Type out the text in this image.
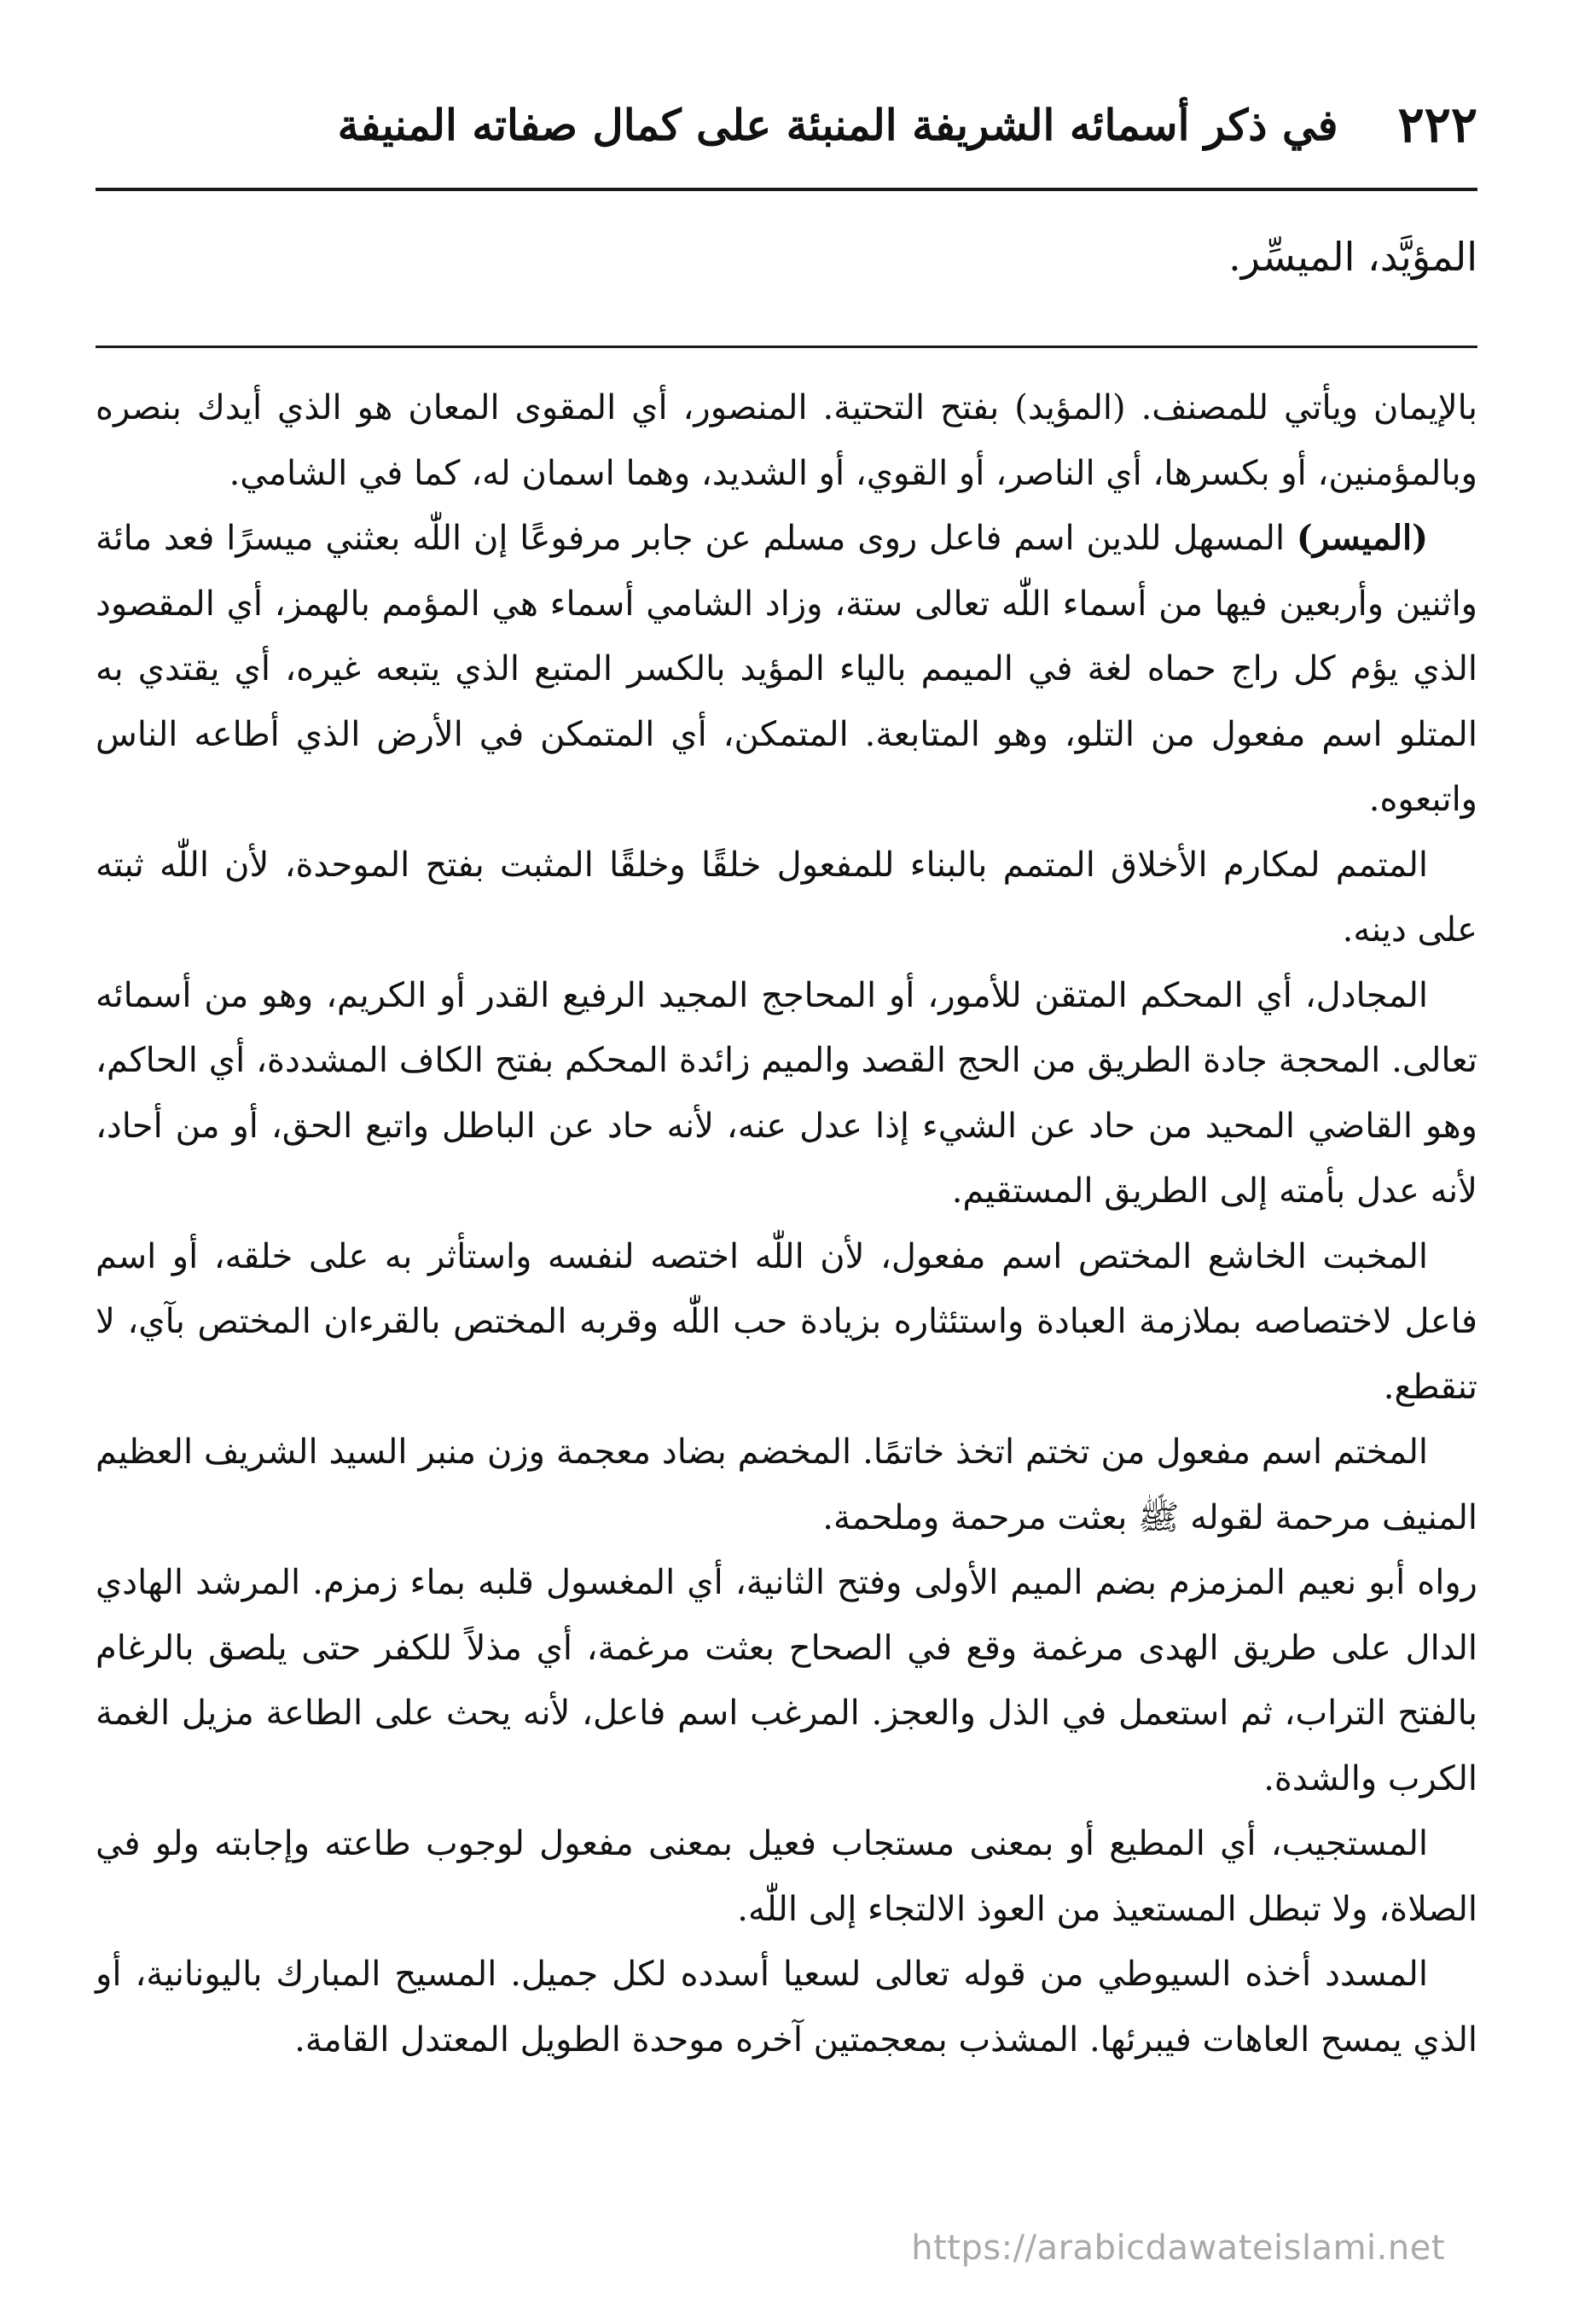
٢٢٢
في ذكر أسمائه الشريفة المنبئة على كمال صفاته المنيفة
المؤيَّد، الميسِّر.

بالإيمان ويأتي للمصنف. (المؤيد) بفتح التحتية. المنصور، أي المقوى المعان هو الذي أيدك بنصره وبالمؤمنين، أو بكسرها، أي الناصر، أو القوي، أو الشديد، وهما اسمان له، كما في الشامي.

(الميسر) المسهل للدين اسم فاعل روى مسلم عن جابر مرفوعًا إن اللّٰه بعثني ميسرًا فعد مائة واثنين وأربعين فيها من أسماء اللّٰه تعالى ستة، وزاد الشامي أسماء هي المؤمم بالهمز، أي المقصود الذي يؤم كل راج حماه لغة في الميمم بالياء المؤيد بالكسر المتبع الذي يتبعه غيره، أي يقتدي به المتلو اسم مفعول من التلو، وهو المتابعة. المتمكن، أي المتمكن في الأرض الذي أطاعه الناس واتبعوه.

المتمم لمكارم الأخلاق المتمم بالبناء للمفعول خلقًا وخلقًا المثبت بفتح الموحدة، لأن اللّٰه ثبته على دينه.

المجادل، أي المحكم المتقن للأمور، أو المحاجج المجيد الرفيع القدر أو الكريم، وهو من أسمائه تعالى. المحجة جادة الطريق من الحج القصد والميم زائدة المحكم بفتح الكاف المشددة، أي الحاكم، وهو القاضي المحيد من حاد عن الشيء إذا عدل عنه، لأنه حاد عن الباطل واتبع الحق، أو من أحاد، لأنه عدل بأمته إلى الطريق المستقيم.

المخبت الخاشع المختص اسم مفعول، لأن اللّٰه اختصه لنفسه واستأثر به على خلقه، أو اسم فاعل لاختصاصه بملازمة العبادة واستئثاره بزيادة حب اللّٰه وقربه المختص بالقرءان المختص بآي، لا تنقطع.

المختم اسم مفعول من تختم اتخذ خاتمًا. المخضم بضاد معجمة وزن منبر السيد الشريف العظيم المنيف مرحمة لقوله ﷺ بعثت مرحمة وملحمة.

رواه أبو نعيم المزمزم بضم الميم الأولى وفتح الثانية، أي المغسول قلبه بماء زمزم. المرشد الهادي الدال على طريق الهدى مرغمة وقع في الصحاح بعثت مرغمة، أي مذلاً للكفر حتى يلصق بالرغام بالفتح التراب، ثم استعمل في الذل والعجز. المرغب اسم فاعل، لأنه يحث على الطاعة مزيل الغمة الكرب والشدة.

المستجيب، أي المطيع أو بمعنى مستجاب فعيل بمعنى مفعول لوجوب طاعته وإجابته ولو في الصلاة، ولا تبطل المستعيذ من العوذ الالتجاء إلى اللّٰه.

المسدد أخذه السيوطي من قوله تعالى لسعيا أسدده لكل جميل. المسيح المبارك باليونانية، أو الذي يمسح العاهات فيبرئها. المشذب بمعجمتين آخره موحدة الطويل المعتدل القامة.

https://arabicdawateislami.net
